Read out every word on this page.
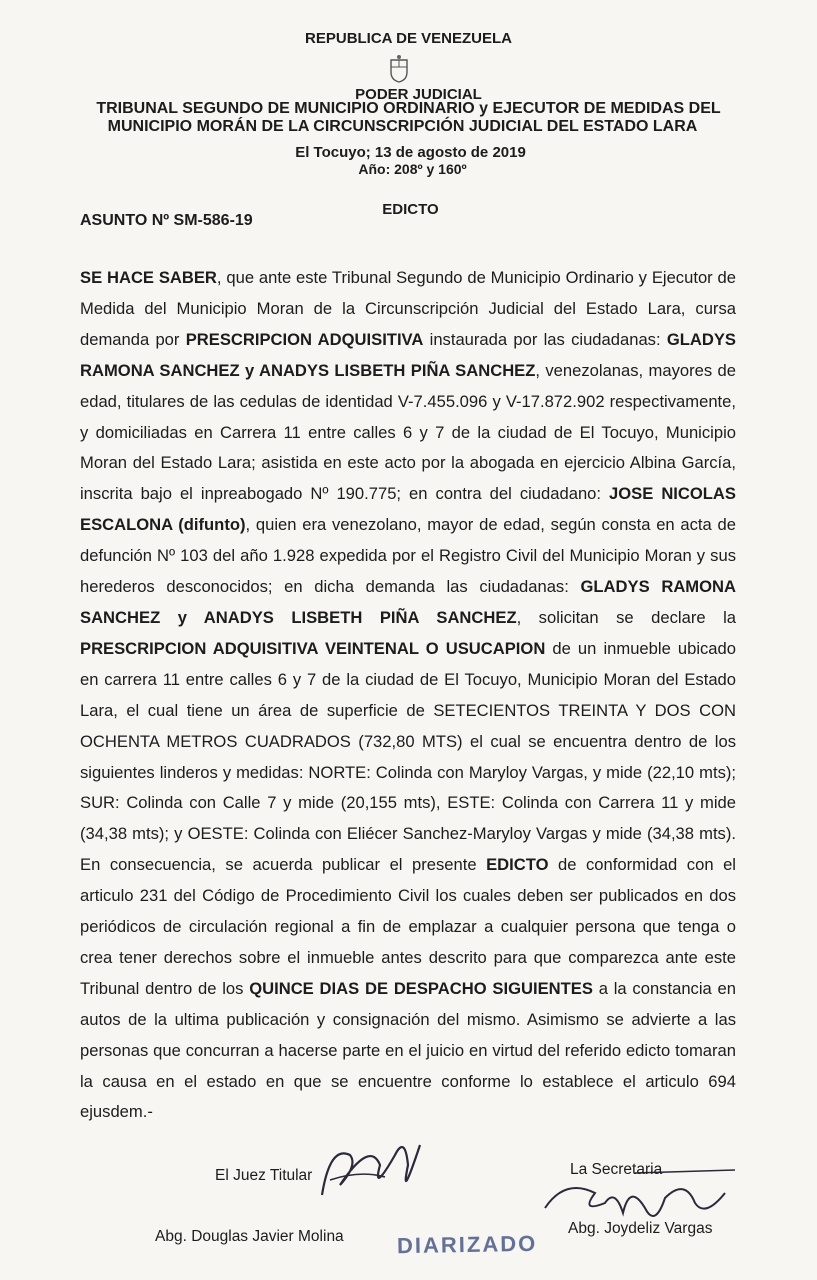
REPUBLICA DE VENEZUELA
PODER JUDICIAL
TRIBUNAL SEGUNDO DE MUNICIPIO ORDINARIO y EJECUTOR DE MEDIDAS DEL
MUNICIPIO MORÁN DE LA CIRCUNSCRIPCIÓN JUDICIAL DEL ESTADO LARA
El Tocuyo; 13 de agosto de 2019
Año: 208º y 160º
EDICTO
ASUNTO Nº SM-586-19

SE HACE SABER, que ante este Tribunal Segundo de Municipio Ordinario y Ejecutor de Medida del Municipio Moran de la Circunscripción Judicial del Estado Lara, cursa demanda por PRESCRIPCION ADQUISITIVA instaurada por las ciudadanas: GLADYS RAMONA SANCHEZ y ANADYS LISBETH PIÑA SANCHEZ, venezolanas, mayores de edad, titulares de las cedulas de identidad V-7.455.096 y V-17.872.902 respectivamente, y domiciliadas en Carrera 11 entre calles 6 y 7 de la ciudad de El Tocuyo, Municipio Moran del Estado Lara; asistida en este acto por la abogada en ejercicio Albina García, inscrita bajo el inpreabogado Nº 190.775; en contra del ciudadano: JOSE NICOLAS ESCALONA (difunto), quien era venezolano, mayor de edad, según consta en acta de defunción Nº 103 del año 1.928 expedida por el Registro Civil del Municipio Moran y sus herederos desconocidos; en dicha demanda las ciudadanas: GLADYS RAMONA SANCHEZ y ANADYS LISBETH PIÑA SANCHEZ, solicitan se declare la PRESCRIPCION ADQUISITIVA VEINTENAL O USUCAPION de un inmueble ubicado en carrera 11 entre calles 6 y 7 de la ciudad de El Tocuyo, Municipio Moran del Estado Lara, el cual tiene un área de superficie de SETECIENTOS TREINTA Y DOS CON OCHENTA METROS CUADRADOS (732,80 MTS) el cual se encuentra dentro de los siguientes linderos y medidas: NORTE: Colinda con Maryloy Vargas, y mide (22,10 mts); SUR: Colinda con Calle 7 y mide (20,155 mts), ESTE: Colinda con Carrera 11 y mide (34,38 mts); y OESTE: Colinda con Eliécer Sanchez-Maryloy Vargas y mide (34,38 mts). En consecuencia, se acuerda publicar el presente EDICTO de conformidad con el articulo 231 del Código de Procedimiento Civil los cuales deben ser publicados en dos periódicos de circulación regional a fin de emplazar a cualquier persona que tenga o crea tener derechos sobre el inmueble antes descrito para que comparezca ante este Tribunal dentro de los QUINCE DIAS DE DESPACHO SIGUIENTES a la constancia en autos de la ultima publicación y consignación del mismo. Asimismo se advierte a las personas que concurran a hacerse parte en el juicio en virtud del referido edicto tomaran la causa en el estado en que se encuentre conforme lo establece el articulo 694 ejusdem.-

El Juez Titular
Abg. Douglas Javier Molina
La Secretaria
Abg. Joydeliz Vargas
DIARIZADO
